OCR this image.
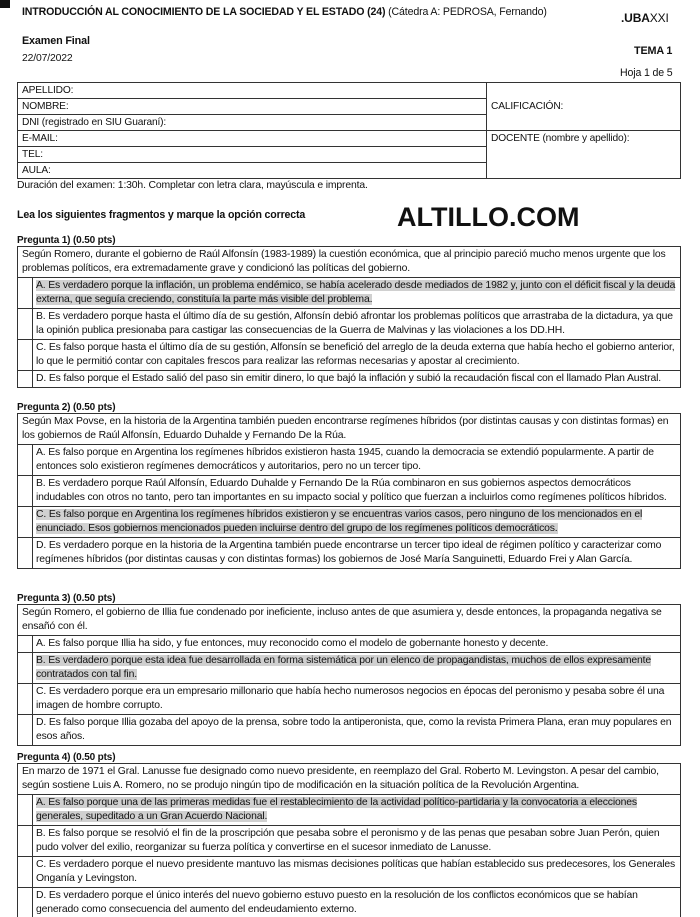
INTRODUCCIÓN AL CONOCIMIENTO DE LA SOCIEDAD Y EL ESTADO (24) (Cátedra A: PEDROSA, Fernando)
Examen Final
22/07/2022
.UBAXXI
TEMA 1
Hoja 1 de 5
APELLIDO:	CALIFICACIÓN:
NOMBRE:	
DNI (registrado en SIU Guaraní):	
E-MAIL:	DOCENTE (nombre y apellido):
TEL:	
AULA:	
Duración del examen: 1:30h. Completar con letra clara, mayúscula e imprenta.
Lea los siguientes fragmentos y marque la opción correcta	ALTILLO.COM
Pregunta 1) (0.50 pts)
Según Romero, durante el gobierno de Raúl Alfonsín (1983-1989) la cuestión económica, que al principio pareció mucho menos urgente que los problemas políticos, era extremadamente grave y condicionó las políticas del gobierno.	
	A. Es verdadero porque la inflación, un problema endémico, se había acelerado desde mediados de 1982 y, junto con el déficit fiscal y la deuda externa, que seguía creciendo, constituía la parte más visible del problema.
	B. Es verdadero porque hasta el último día de su gestión, Alfonsín debió afrontar los problemas políticos que arrastraba de la dictadura, ya que la opinión publica presionaba para castigar las consecuencias de la Guerra de Malvinas y las violaciones a los DD.HH.
	C. Es falso porque hasta el último día de su gestión, Alfonsín se benefició del arreglo de la deuda externa que había hecho el gobierno anterior, lo que le permitió contar con capitales frescos para realizar las reformas necesarias y apostar al crecimiento.
	D. Es falso porque el Estado salió del paso sin emitir dinero, lo que bajó la inflación y subió la recaudación fiscal con el llamado Plan Austral.
Pregunta 2) (0.50 pts)
Según Max Povse, en la historia de la Argentina también pueden encontrarse regímenes híbridos (por distintas causas y con distintas formas) en los gobiernos de Raúl Alfonsín, Eduardo Duhalde y Fernando De la Rúa.	
	A. Es falso porque en Argentina los regímenes híbridos existieron hasta 1945, cuando la democracia se extendió popularmente. A partir de entonces solo existieron regímenes democráticos y autoritarios, pero no un tercer tipo.
	B. Es verdadero porque Raúl Alfonsín, Eduardo Duhalde y Fernando De la Rúa combinaron en sus gobiernos aspectos democráticos indudables con otros no tanto, pero tan importantes en su impacto social y político que fuerzan a incluirlos como regímenes políticos híbridos.
	C. Es falso porque en Argentina los regímenes híbridos existieron y se encuentras varios casos, pero ninguno de los mencionados en el enunciado. Esos gobiernos mencionados pueden incluirse dentro del grupo de los regímenes políticos democráticos.
	D. Es verdadero porque en la historia de la Argentina también puede encontrarse un tercer tipo ideal de régimen político y caracterizar como regímenes híbridos (por distintas causas y con distintas formas) los gobiernos de José María Sanguinetti, Eduardo Frei y Alan García.
Pregunta 3) (0.50 pts)
Según Romero, el gobierno de Illia fue condenado por ineficiente, incluso antes de que asumiera y, desde entonces, la propaganda negativa se ensañó con él.	
	A. Es falso porque Illia ha sido, y fue entonces, muy reconocido como el modelo de gobernante honesto y decente.
	B. Es verdadero porque esta idea fue desarrollada en forma sistemática por un elenco de propagandistas, muchos de ellos expresamente contratados con tal fin.
	C. Es verdadero porque era un empresario millonario que había hecho numerosos negocios en épocas del peronismo y pesaba sobre él una imagen de hombre corrupto.
	D. Es falso porque Illia gozaba del apoyo de la prensa, sobre todo la antiperonista, que, como la revista Primera Plana, eran muy populares en esos años.
Pregunta 4) (0.50 pts)
En marzo de 1971 el Gral. Lanusse fue designado como nuevo presidente, en reemplazo del Gral. Roberto M. Levingston. A pesar del cambio, según sostiene Luis A. Romero, no se produjo ningún tipo de modificación en la situación política de la Revolución Argentina.	
	A. Es falso porque una de las primeras medidas fue el restablecimiento de la actividad político-partidaria y la convocatoria a elecciones generales, supeditado a un Gran Acuerdo Nacional.
	B. Es falso porque se resolvió el fin de la proscripción que pesaba sobre el peronismo y de las penas que pesaban sobre Juan Perón, quien pudo volver del exilio, reorganizar su fuerza política y convertirse en el sucesor inmediato de Lanusse.
	C. Es verdadero porque el nuevo presidente mantuvo las mismas decisiones políticas que habían establecido sus predecesores, los Generales Onganía y Levingston.
	D. Es verdadero porque el único interés del nuevo gobierno estuvo puesto en la resolución de los conflictos económicos que se habían generado como consecuencia del aumento del endeudamiento externo.
